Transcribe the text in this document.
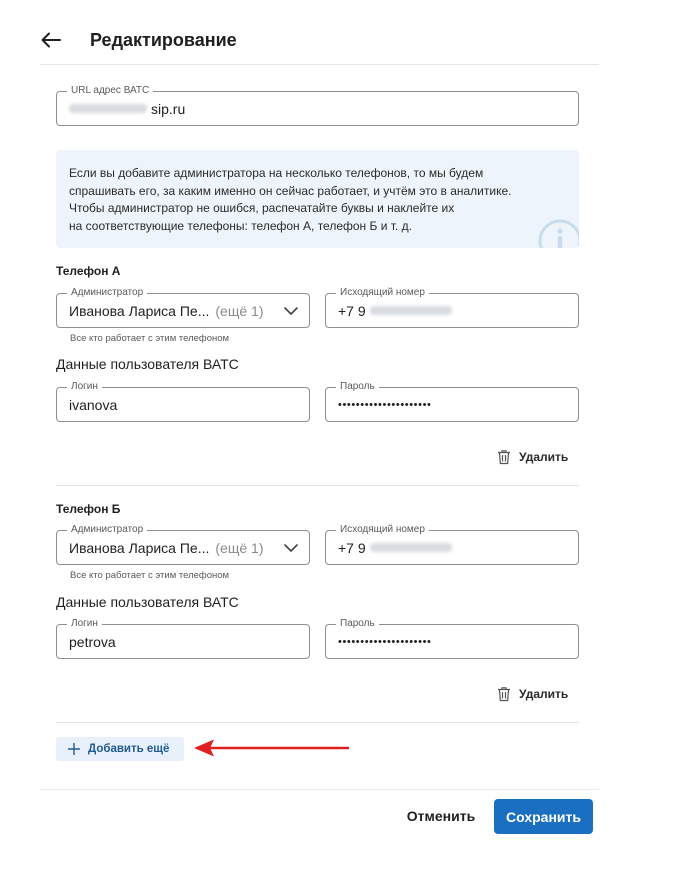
Редактирование
URL адрес ВАТС
sip.ru
Если вы добавите администратора на несколько телефонов, то мы будем
спрашивать его, за каким именно он сейчас работает, и учтём это в аналитике.
Чтобы администратор не ошибся, распечатайте буквы и наклейте их
на соответствующие телефоны: телефон А, телефон Б и т. д.
Телефон А
Администратор
Иванова Лариса Пе... (ещё 1)
Все кто работает с этим телефоном
Исходящий номер
+7 9
Данные пользователя ВАТС
Логин
ivanova
Пароль
•••••••••••••••••••••
Удалить
Телефон Б
Администратор
Иванова Лариса Пе... (ещё 1)
Все кто работает с этим телефоном
Исходящий номер
+7 9
Данные пользователя ВАТС
Логин
petrova
Пароль
•••••••••••••••••••••
Удалить
Добавить ещё
Отменить	Сохранить
